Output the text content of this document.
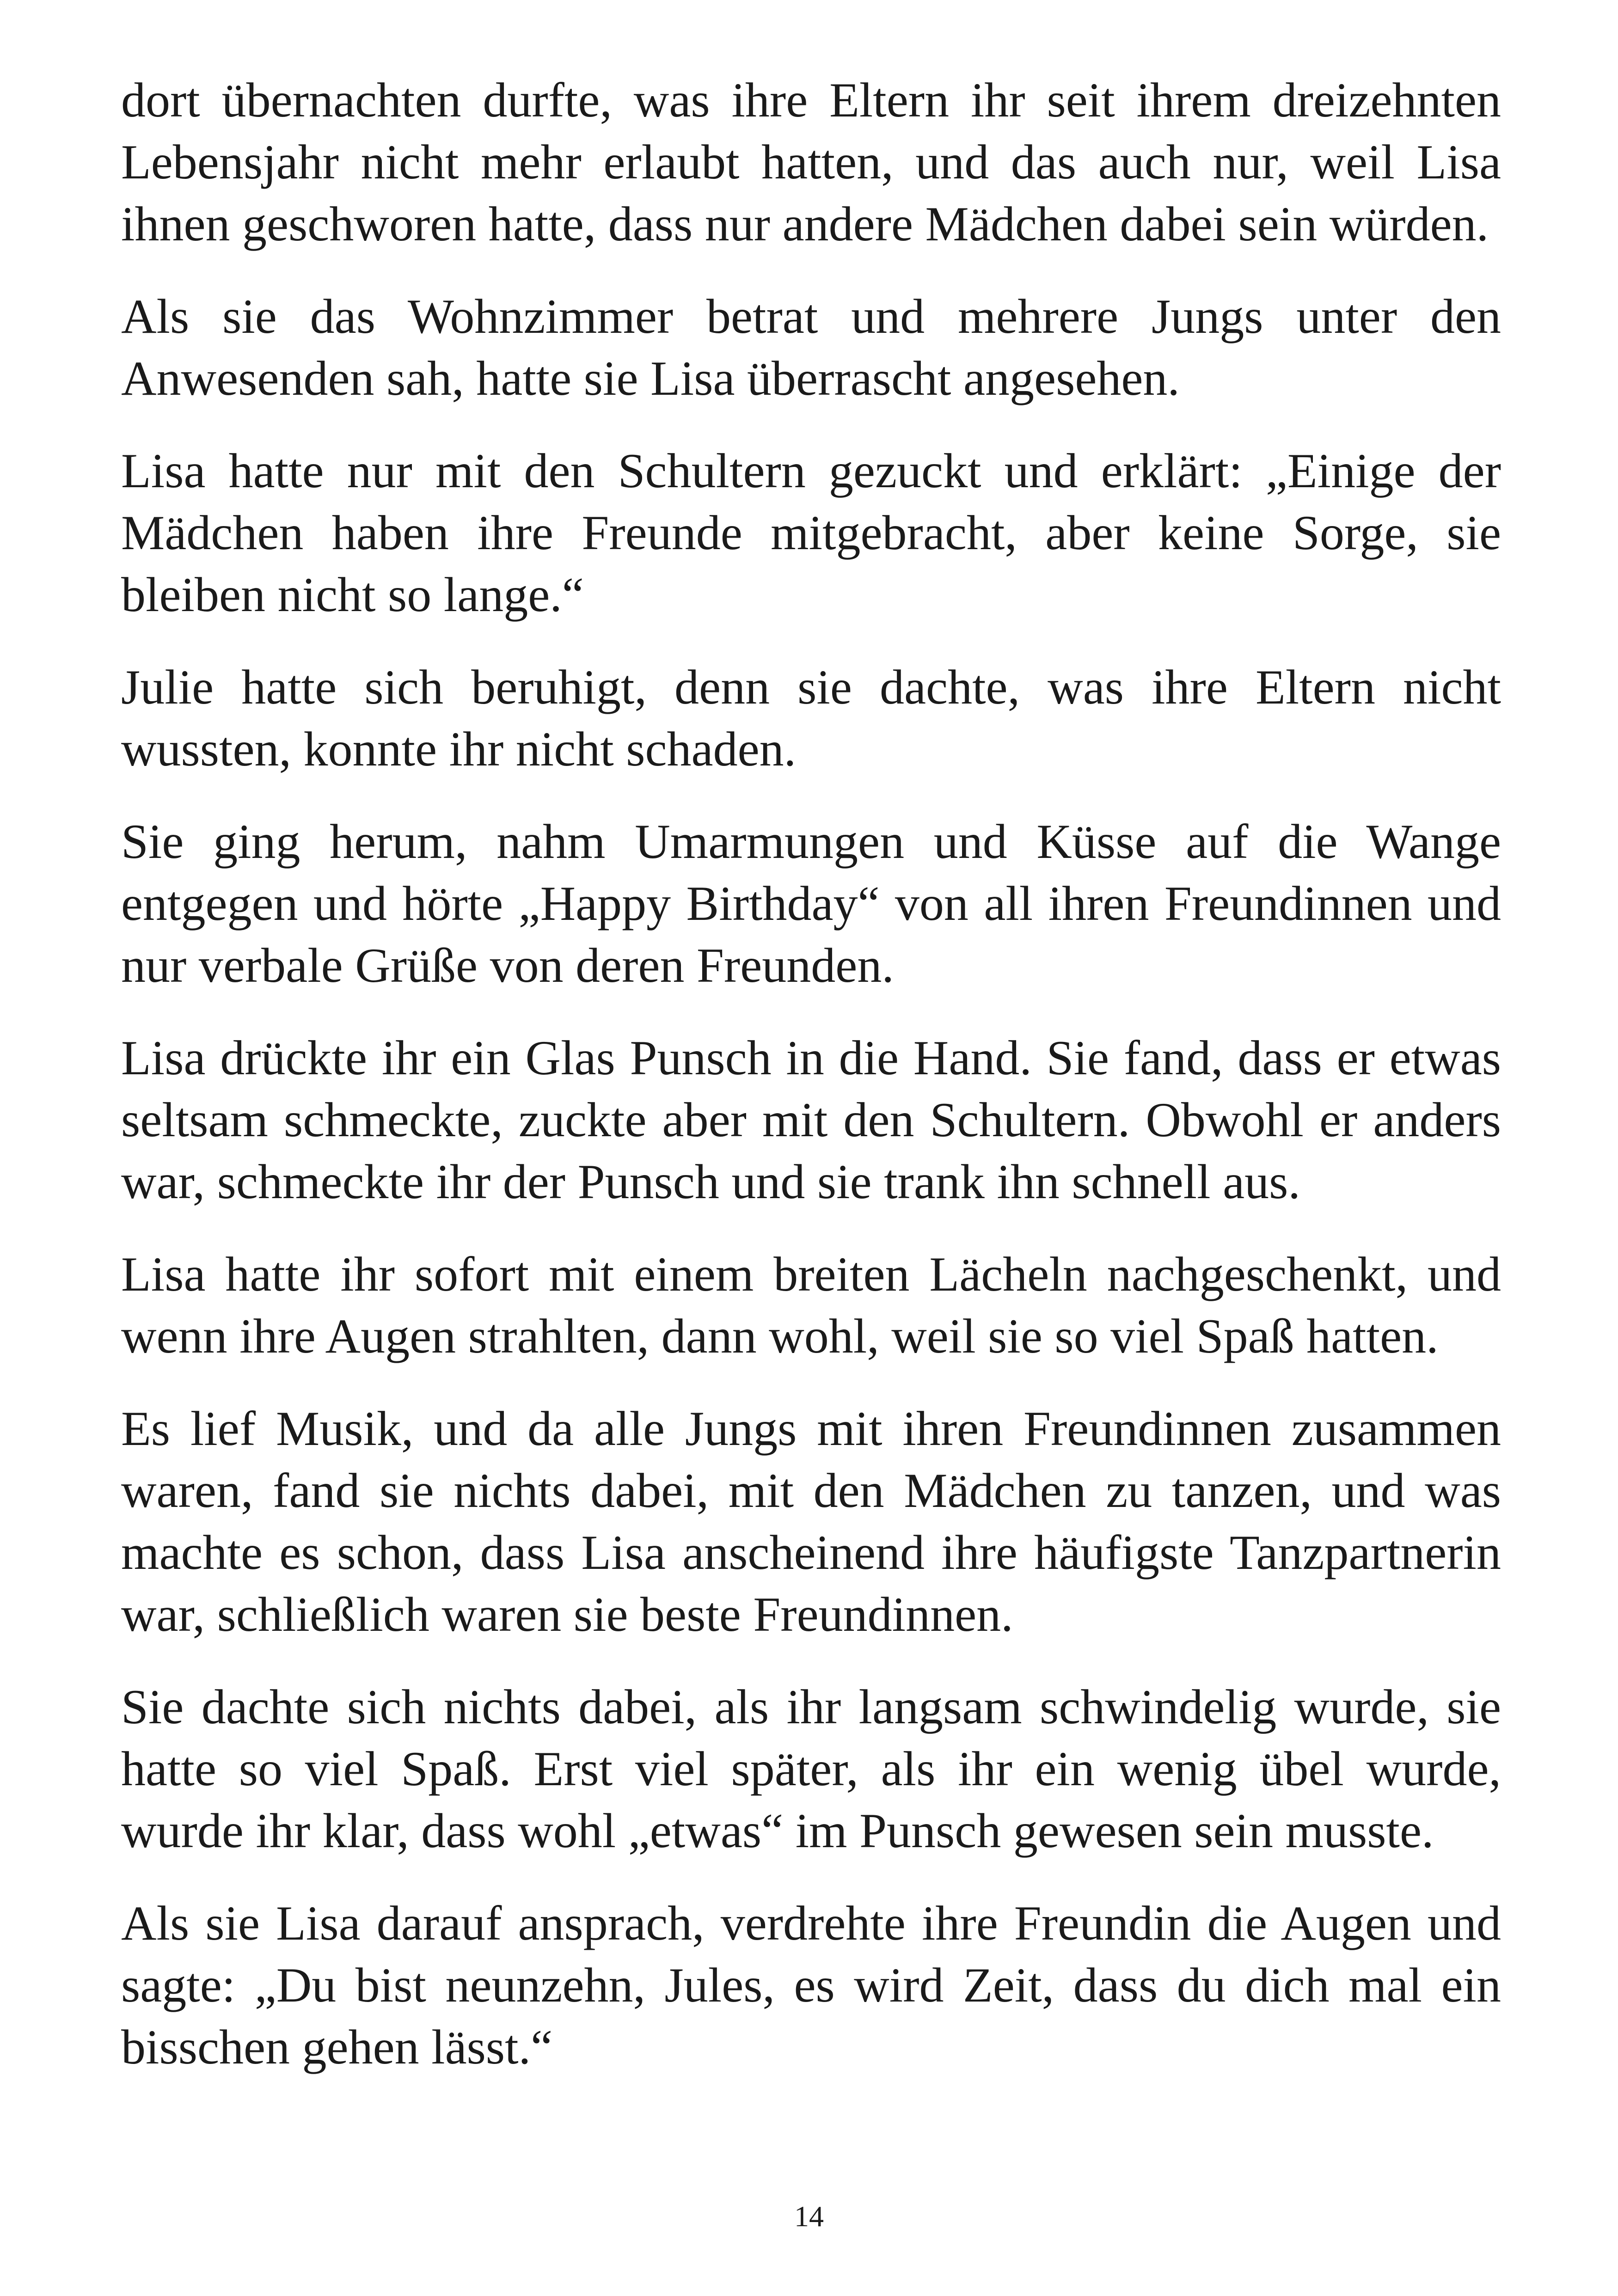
dort übernachten durfte, was ihre Eltern ihr seit ihrem dreizehnten Lebensjahr nicht mehr erlaubt hatten, und das auch nur, weil Lisa ihnen geschworen hatte, dass nur andere Mädchen dabei sein würden.

Als sie das Wohnzimmer betrat und mehrere Jungs unter den Anwesenden sah, hatte sie Lisa überrascht angesehen.

Lisa hatte nur mit den Schultern gezuckt und erklärt: „Einige der Mädchen haben ihre Freunde mitgebracht, aber keine Sorge, sie bleiben nicht so lange.“

Julie hatte sich beruhigt, denn sie dachte, was ihre Eltern nicht wussten, konnte ihr nicht schaden.

Sie ging herum, nahm Umarmungen und Küsse auf die Wange entgegen und hörte „Happy Birthday“ von all ihren Freundinnen und nur verbale Grüße von deren Freunden.

Lisa drückte ihr ein Glas Punsch in die Hand. Sie fand, dass er etwas seltsam schmeckte, zuckte aber mit den Schultern. Obwohl er anders war, schmeckte ihr der Punsch und sie trank ihn schnell aus.

Lisa hatte ihr sofort mit einem breiten Lächeln nachgeschenkt, und wenn ihre Augen strahlten, dann wohl, weil sie so viel Spaß hatten.

Es lief Musik, und da alle Jungs mit ihren Freundinnen zusammen waren, fand sie nichts dabei, mit den Mädchen zu tanzen, und was machte es schon, dass Lisa anscheinend ihre häufigste Tanzpartnerin war, schließlich waren sie beste Freundinnen.

Sie dachte sich nichts dabei, als ihr langsam schwindelig wurde, sie hatte so viel Spaß. Erst viel später, als ihr ein wenig übel wurde, wurde ihr klar, dass wohl „etwas“ im Punsch gewesen sein musste.

Als sie Lisa darauf ansprach, verdrehte ihre Freundin die Augen und sagte: „Du bist neunzehn, Jules, es wird Zeit, dass du dich mal ein bisschen gehen lässt.“

14
